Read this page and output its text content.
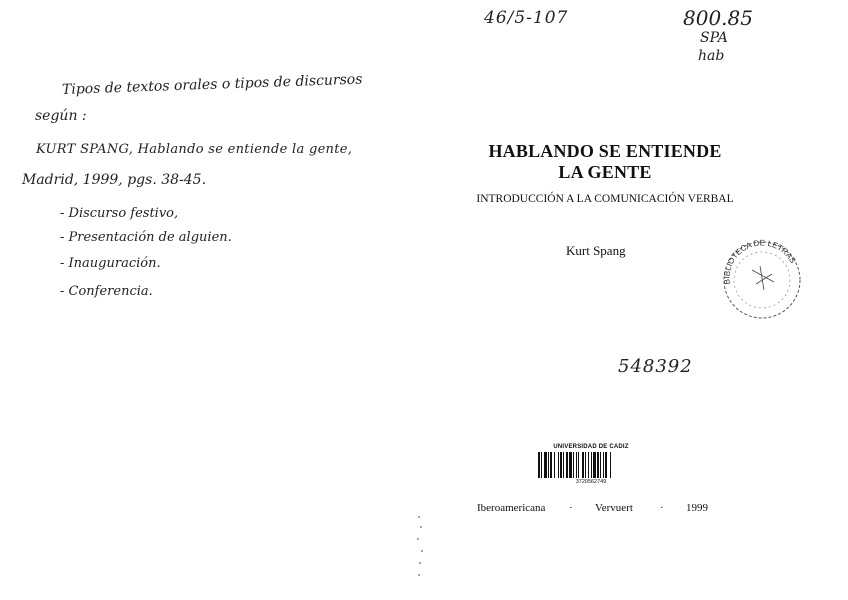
Tipos de textos orales o tipos de discursos
según :
KURT SPANG, Hablando se entiende la gente,
Madrid, 1999, pgs. 38-45.
- Discurso festivo,
- Presentación de alguien.
- Inauguración.
- Conferencia.
46/5-107	800.85
SPA
hab
HABLANDO SE ENTIENDE
LA GENTE
INTRODUCCIÓN A LA COMUNICACIÓN VERBAL
Kurt Spang
BIBLIOTECA DE LETRAS
548392
UNIVERSIDAD DE CADIZ
3720562749
Iberoamericana · Vervuert · 1999
